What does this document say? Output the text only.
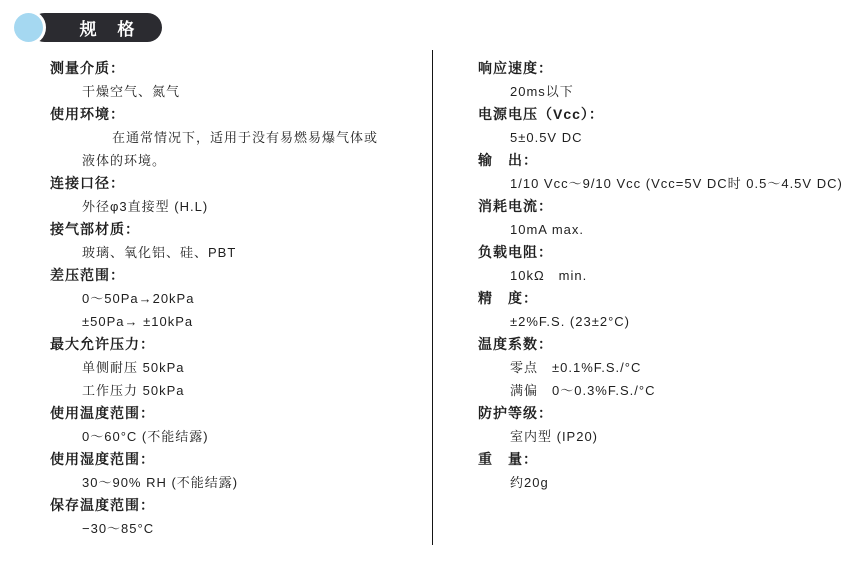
规 格
测量介质：
干燥空气、氮气
使用环境：
在通常情况下，适用于没有易燃易爆气体或
液体的环境。
连接口径：
外径φ3直接型 (H.L)
接气部材质：
玻璃、氧化铝、硅、PBT
差压范围：
0～50Pa→20kPa
±50Pa→ ±10kPa
最大允许压力：
单侧耐压 50kPa
工作压力 50kPa
使用温度范围：
0～60°C (不能结露)
使用湿度范围：
30～90% RH (不能结露)
保存温度范围：
−30～85°C
响应速度：
20ms以下
电源电压（Vcc）：
5±0.5V DC
输　出：
1/10 Vcc～9/10 Vcc (Vcc=5V DC时 0.5～4.5V DC)
消耗电流：
10mA max.
负载电阻：
10kΩ　min.
精　度：
±2%F.S. (23±2°C)
温度系数：
零点　±0.1%F.S./°C
满偏　0～0.3%F.S./°C
防护等级：
室内型 (IP20)
重　量：
约20g
